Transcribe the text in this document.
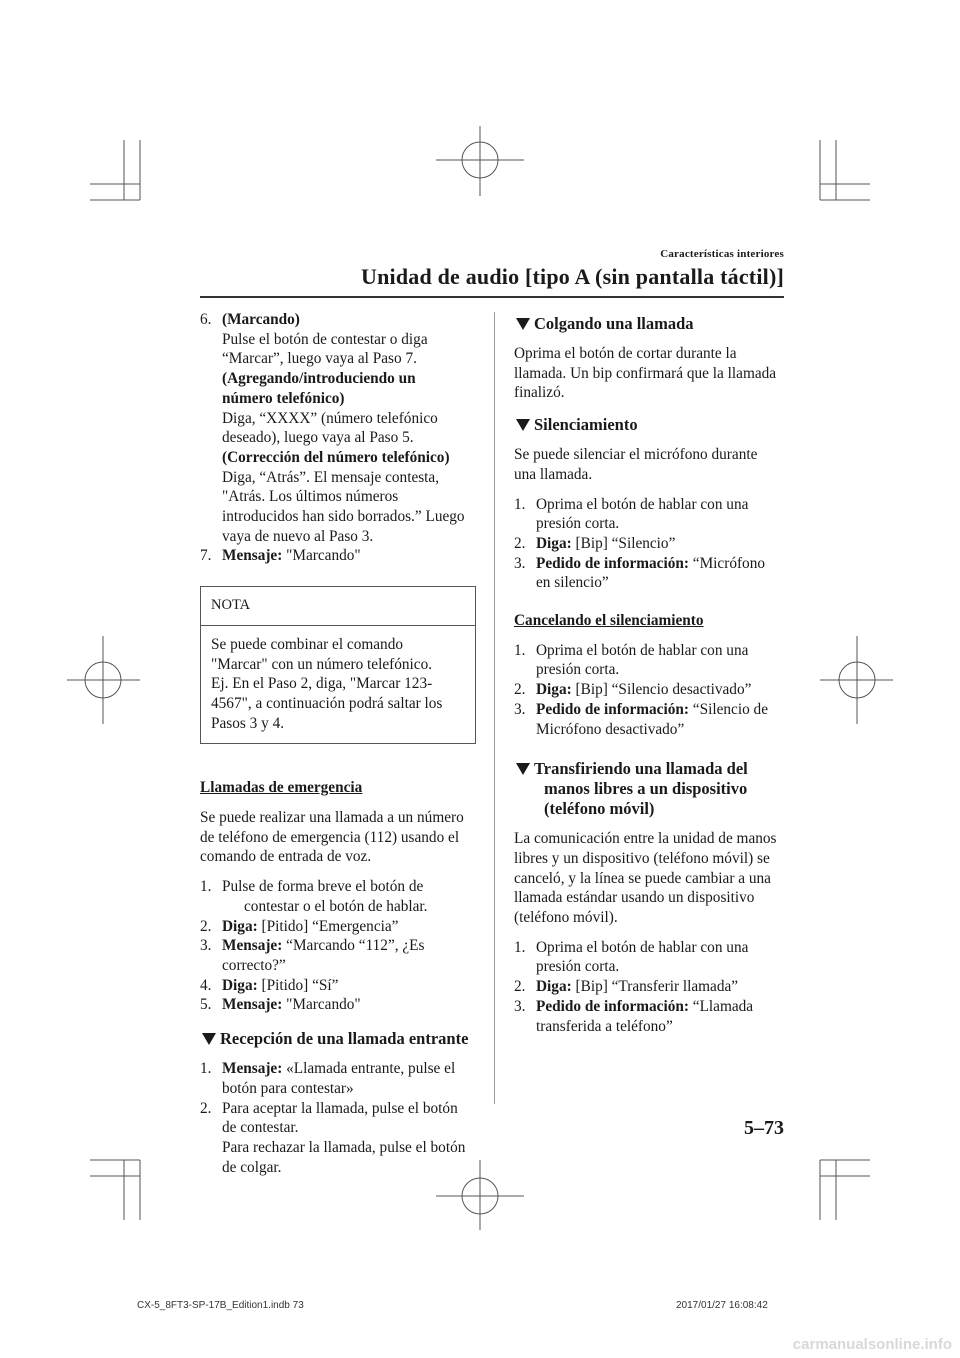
Características interiores
Unidad de audio [tipo A (sin pantalla táctil)]
6. (Marcando)
Pulse el botón de contestar o diga
“Marcar”, luego vaya al Paso 7.
(Agregando/introduciendo un
número telefónico)
Diga, “XXXX” (número telefónico
deseado), luego vaya al Paso 5.
(Corrección del número telefónico)
Diga, “Atrás”. El mensaje contesta,
"Atrás. Los últimos números
introducidos han sido borrados.” Luego
vaya de nuevo al Paso 3.
7. Mensaje: "Marcando"
NOTA
Se puede combinar el comando
"Marcar" con un número telefónico.
Ej. En el Paso 2, diga, "Marcar 123-
4567", a continuación podrá saltar los
Pasos 3 y 4.
Llamadas de emergencia
Se puede realizar una llamada a un número
de teléfono de emergencia (112) usando el
comando de entrada de voz.
1. Pulse de forma breve el botón de
contestar o el botón de hablar.
2. Diga: [Pitido] “Emergencia”
3. Mensaje: “Marcando “112”, ¿Es
correcto?”
4. Diga: [Pitido] “Sí”
5. Mensaje: "Marcando"
Recepción de una llamada entrante
1. Mensaje: «Llamada entrante, pulse el
botón para contestar»
2. Para aceptar la llamada, pulse el botón
de contestar.
Para rechazar la llamada, pulse el botón
de colgar.
Colgando una llamada
Oprima el botón de cortar durante la
llamada. Un bip confirmará que la llamada
finalizó.
Silenciamiento
Se puede silenciar el micrófono durante
una llamada.
1. Oprima el botón de hablar con una
presión corta.
2. Diga: [Bip] “Silencio”
3. Pedido de información: “Micrófono
en silencio”
Cancelando el silenciamiento
1. Oprima el botón de hablar con una
presión corta.
2. Diga: [Bip] “Silencio desactivado”
3. Pedido de información: “Silencio de
Micrófono desactivado”
Transfiriendo una llamada del
manos libres a un dispositivo
(teléfono móvil)
La comunicación entre la unidad de manos
libres y un dispositivo (teléfono móvil) se
canceló, y la línea se puede cambiar a una
llamada estándar usando un dispositivo
(teléfono móvil).
1. Oprima el botón de hablar con una
presión corta.
2. Diga: [Bip] “Transferir llamada”
3. Pedido de información: “Llamada
transferida a teléfono”
5–73
CX-5_8FT3-SP-17B_Edition1.indb 73	2017/01/27 16:08:42
carmanualsonline.info
